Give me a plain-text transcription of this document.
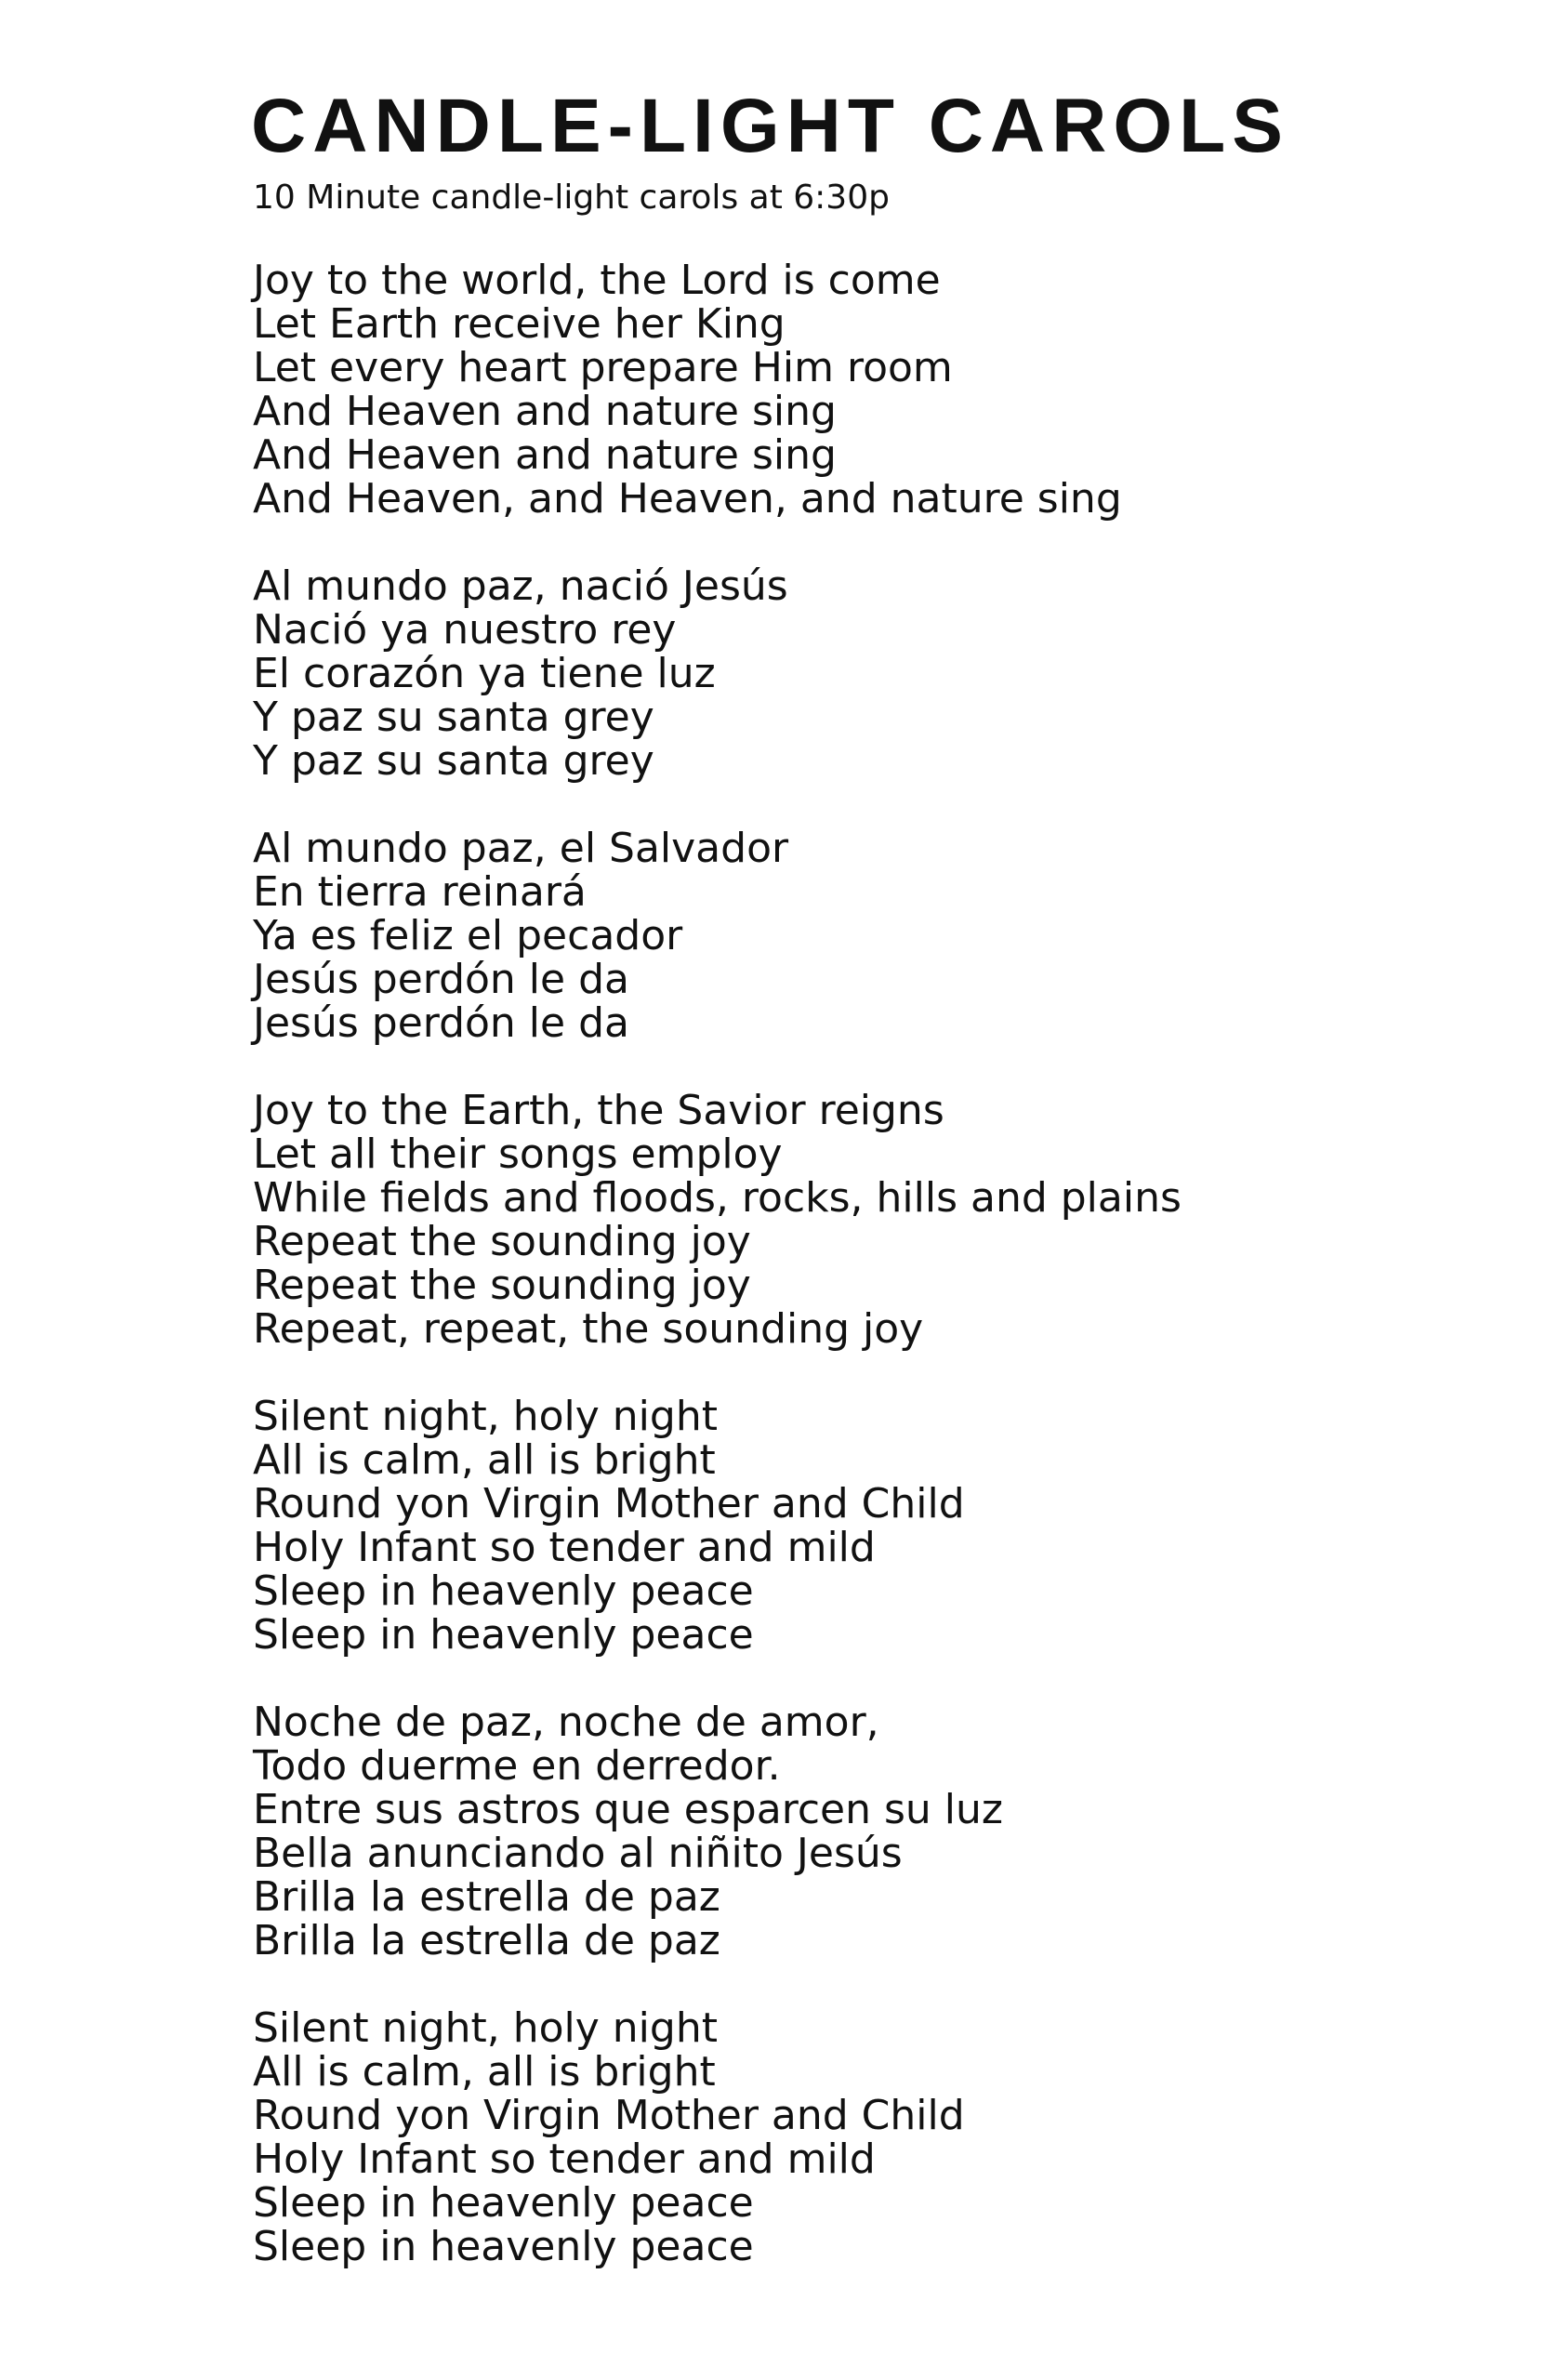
CANDLE-LIGHT CAROLS
10 Minute candle-light carols at 6:30p
Joy to the world, the Lord is come
Let Earth receive her King
Let every heart prepare Him room
And Heaven and nature sing
And Heaven and nature sing
And Heaven, and Heaven, and nature sing
Al mundo paz, nació Jesús
Nació ya nuestro rey
El corazón ya tiene luz
Y paz su santa grey
Y paz su santa grey
Al mundo paz, el Salvador
En tierra reinará
Ya es feliz el pecador
Jesús perdón le da
Jesús perdón le da
Joy to the Earth, the Savior reigns
Let all their songs employ
While fields and floods, rocks, hills and plains
Repeat the sounding joy
Repeat the sounding joy
Repeat, repeat, the sounding joy
Silent night, holy night
All is calm, all is bright
Round yon Virgin Mother and Child
Holy Infant so tender and mild
Sleep in heavenly peace
Sleep in heavenly peace
Noche de paz, noche de amor,
Todo duerme en derredor.
Entre sus astros que esparcen su luz
Bella anunciando al niñito Jesús
Brilla la estrella de paz
Brilla la estrella de paz
Silent night, holy night
All is calm, all is bright
Round yon Virgin Mother and Child
Holy Infant so tender and mild
Sleep in heavenly peace
Sleep in heavenly peace
